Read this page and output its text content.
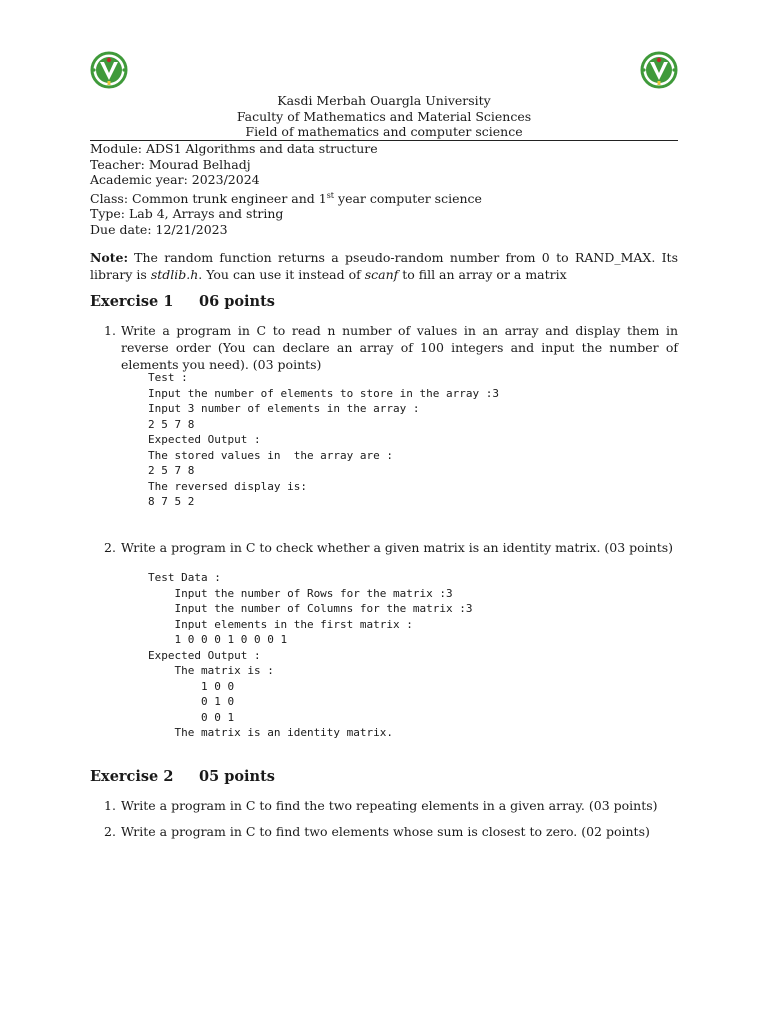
Kasdi Merbah Ouargla University
Faculty of Mathematics and Material Sciences
Field of mathematics and computer science
Module: ADS1 Algorithms and data structure
Teacher: Mourad Belhadj
Academic year: 2023/2024
Class: Common trunk engineer and 1st year computer science
Type: Lab 4, Arrays and string
Due date: 12/21/2023
Note: The random function returns a pseudo-random number from 0 to RAND_MAX. Its library is stdlib.h. You can use it instead of scanf to fill an array or a matrix
Exercise 1 06 points
1. Write a program in C to read n number of values in an array and display them in reverse order (You can declare an array of 100 integers and input the number of elements you need). (03 points)
Test :
Input the number of elements to store in the array :3
Input 3 number of elements in the array :
2 5 7 8
Expected Output :
The stored values in  the array are :
2 5 7 8
The reversed display is:
8 7 5 2
2. Write a program in C to check whether a given matrix is an identity matrix. (03 points)
Test Data :
Input the number of Rows for the matrix :3
Input the number of Columns for the matrix :3
Input elements in the first matrix :
1 0 0 0 1 0 0 0 1
Expected Output :
The matrix is :
1 0 0
0 1 0
0 0 1
The matrix is an identity matrix.
Exercise 2 05 points
1. Write a program in C to find the two repeating elements in a given array. (03 points)
2. Write a program in C to find two elements whose sum is closest to zero. (02 points)
